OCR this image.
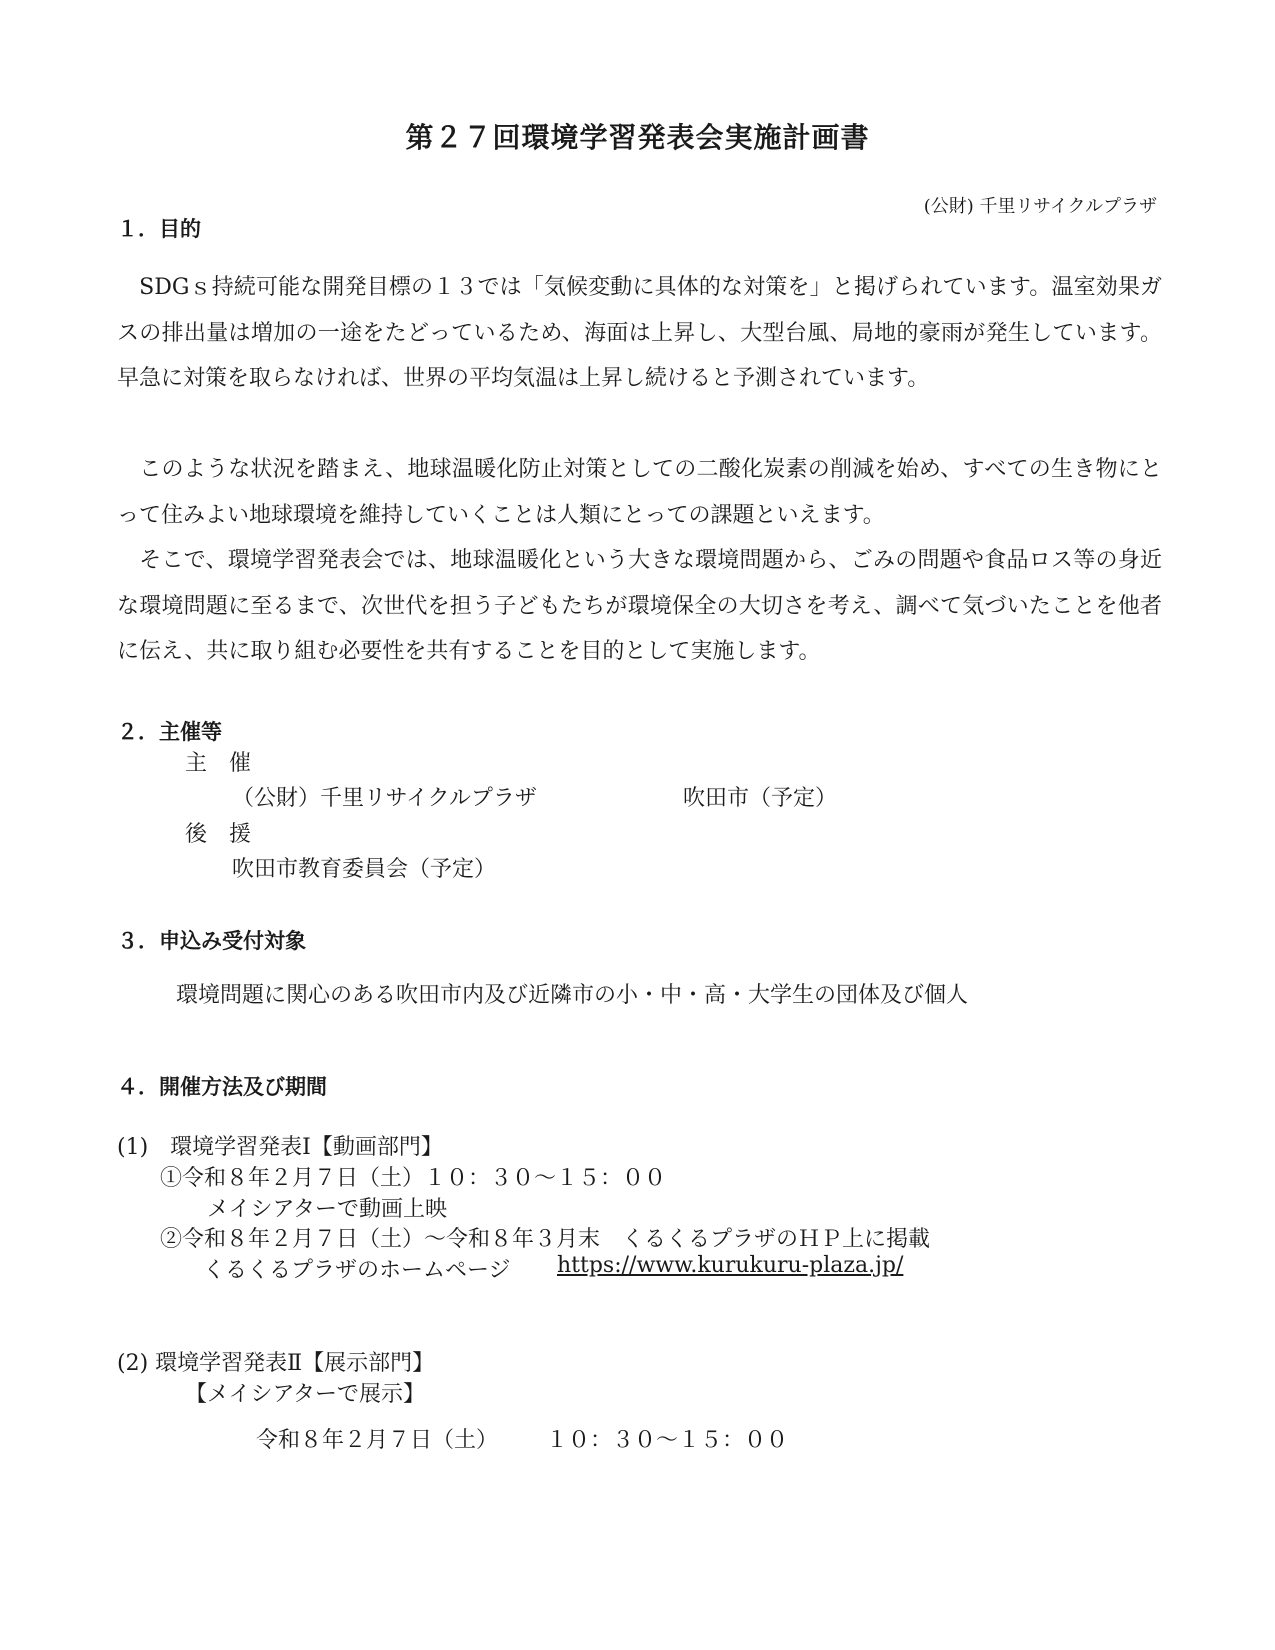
第２７回環境学習発表会実施計画書
(公財) 千里リサイクルプラザ
１．目的
　SDGｓ持続可能な開発目標の１３では「気候変動に具体的な対策を」と掲げられています。温室効果ガスの排出量は増加の一途をたどっているため、海面は上昇し、大型台風、局地的豪雨が発生しています。早急に対策を取らなければ、世界の平均気温は上昇し続けると予測されています。
　このような状況を踏まえ、地球温暖化防止対策としての二酸化炭素の削減を始め、すべての生き物にとって住みよい地球環境を維持していくことは人類にとっての課題といえます。
　そこで、環境学習発表会では、地球温暖化という大きな環境問題から、ごみの問題や食品ロス等の身近な環境問題に至るまで、次世代を担う子どもたちが環境保全の大切さを考え、調べて気づいたことを他者に伝え、共に取り組む必要性を共有することを目的として実施します。
２．主催等
主　催
（公財）千里リサイクルプラザ	吹田市（予定）
後　援
吹田市教育委員会（予定）
３．申込み受付対象
環境問題に関心のある吹田市内及び近隣市の小・中・高・大学生の団体及び個人
４．開催方法及び期間
(1)　環境学習発表Ⅰ【動画部門】
①令和８年２月７日（土）１０：３０～１５：００
メイシアターで動画上映
②令和８年２月７日（土）～令和８年３月末　くるくるプラザのＨＰ上に掲載
くるくるプラザのホームページ https://www.kurukuru-plaza.jp/
(2) 環境学習発表Ⅱ【展示部門】
【メイシアターで展示】
令和８年２月７日（土） １０：３０～１５：００
